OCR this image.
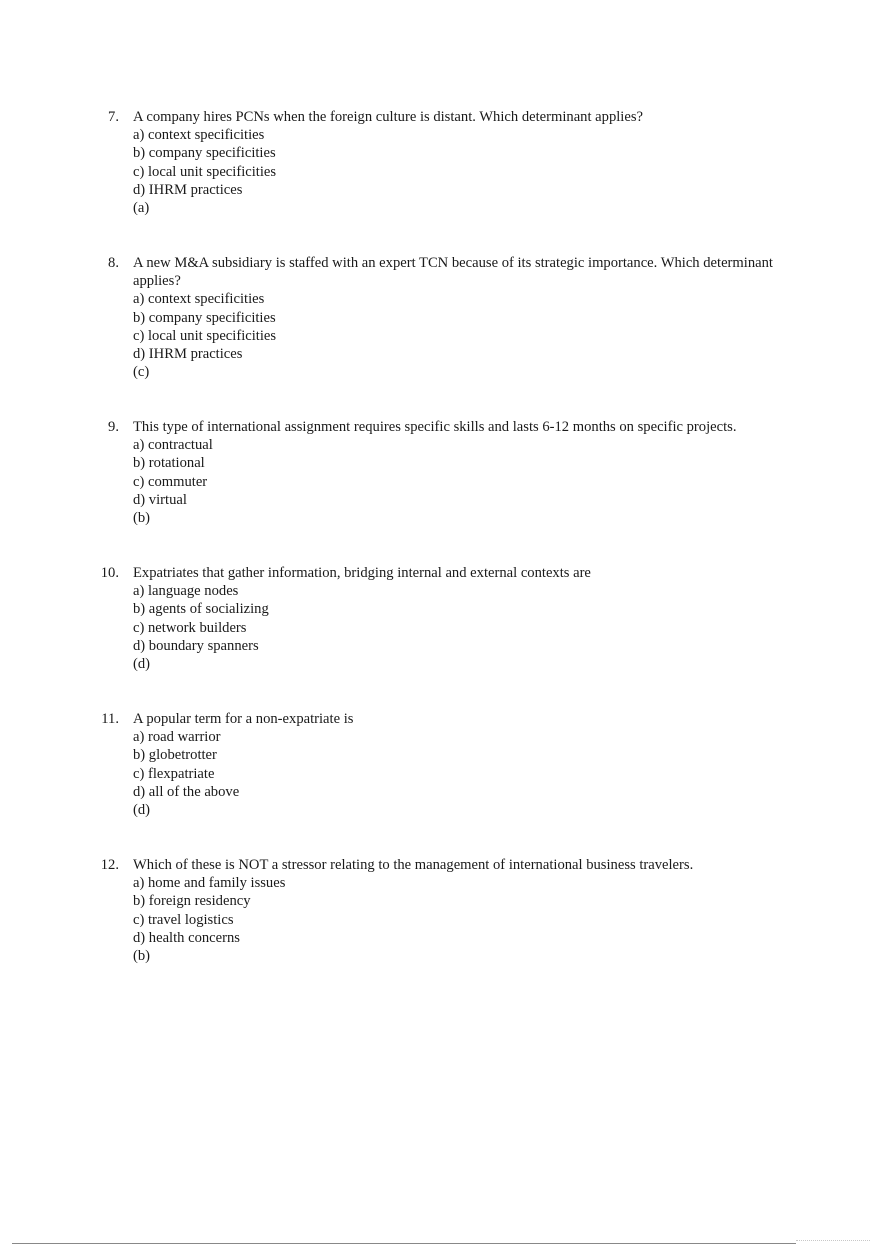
7. A company hires PCNs when the foreign culture is distant. Which determinant applies?
a) context specificities
b) company specificities
c) local unit specificities
d) IHRM practices
(a)
8. A new M&A subsidiary is staffed with an expert TCN because of its strategic importance. Which determinant applies?
a) context specificities
b) company specificities
c) local unit specificities
d) IHRM practices
(c)
9. This type of international assignment requires specific skills and lasts 6-12 months on specific projects.
a) contractual
b) rotational
c) commuter
d) virtual
(b)
10. Expatriates that gather information, bridging internal and external contexts are
a) language nodes
b) agents of socializing
c) network builders
d) boundary spanners
(d)
11. A popular term for a non-expatriate is
a) road warrior
b) globetrotter
c) flexpatriate
d) all of the above
(d)
12. Which of these is NOT a stressor relating to the management of international business travelers.
a) home and family issues
b) foreign residency
c) travel logistics
d) health concerns
(b)
